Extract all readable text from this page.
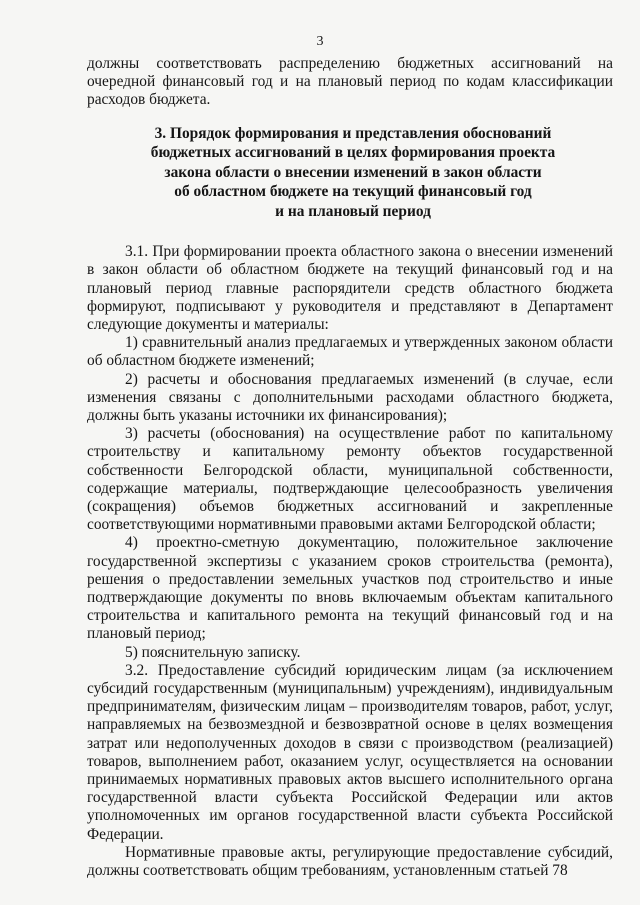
3

должны соответствовать распределению бюджетных ассигнований на очередной финансовый год и на плановый период по кодам классификации расходов бюджета.

3. Порядок формирования и представления обоснований
бюджетных ассигнований в целях формирования проекта
закона области о внесении изменений в закон области
об областном бюджете на текущий финансовый год
и на плановый период

3.1. При формировании проекта областного закона о внесении изменений в закон области об областном бюджете на текущий финансовый год и на плановый период главные распорядители средств областного бюджета формируют, подписывают у руководителя и представляют в Департамент следующие документы и материалы:

1) сравнительный анализ предлагаемых и утвержденных законом области об областном бюджете изменений;

2) расчеты и обоснования предлагаемых изменений (в случае, если изменения связаны с дополнительными расходами областного бюджета, должны быть указаны источники их финансирования);

3) расчеты (обоснования) на осуществление работ по капитальному строительству и капитальному ремонту объектов государственной собственности Белгородской области, муниципальной собственности, содержащие материалы, подтверждающие целесообразность увеличения (сокращения) объемов бюджетных ассигнований и закрепленные соответствующими нормативными правовыми актами Белгородской области;

4) проектно-сметную документацию, положительное заключение государственной экспертизы с указанием сроков строительства (ремонта), решения о предоставлении земельных участков под строительство и иные подтверждающие документы по вновь включаемым объектам капитального строительства и капитального ремонта на текущий финансовый год и на плановый период;

5) пояснительную записку.

3.2. Предоставление субсидий юридическим лицам (за исключением субсидий государственным (муниципальным) учреждениям), индивидуальным предпринимателям, физическим лицам – производителям товаров, работ, услуг, направляемых на безвозмездной и безвозвратной основе в целях возмещения затрат или недополученных доходов в связи с производством (реализацией) товаров, выполнением работ, оказанием услуг, осуществляется на основании принимаемых нормативных правовых актов высшего исполнительного органа государственной власти субъекта Российской Федерации или актов уполномоченных им органов государственной власти субъекта Российской Федерации.

Нормативные правовые акты, регулирующие предоставление субсидий, должны соответствовать общим требованиям, установленным статьей 78
